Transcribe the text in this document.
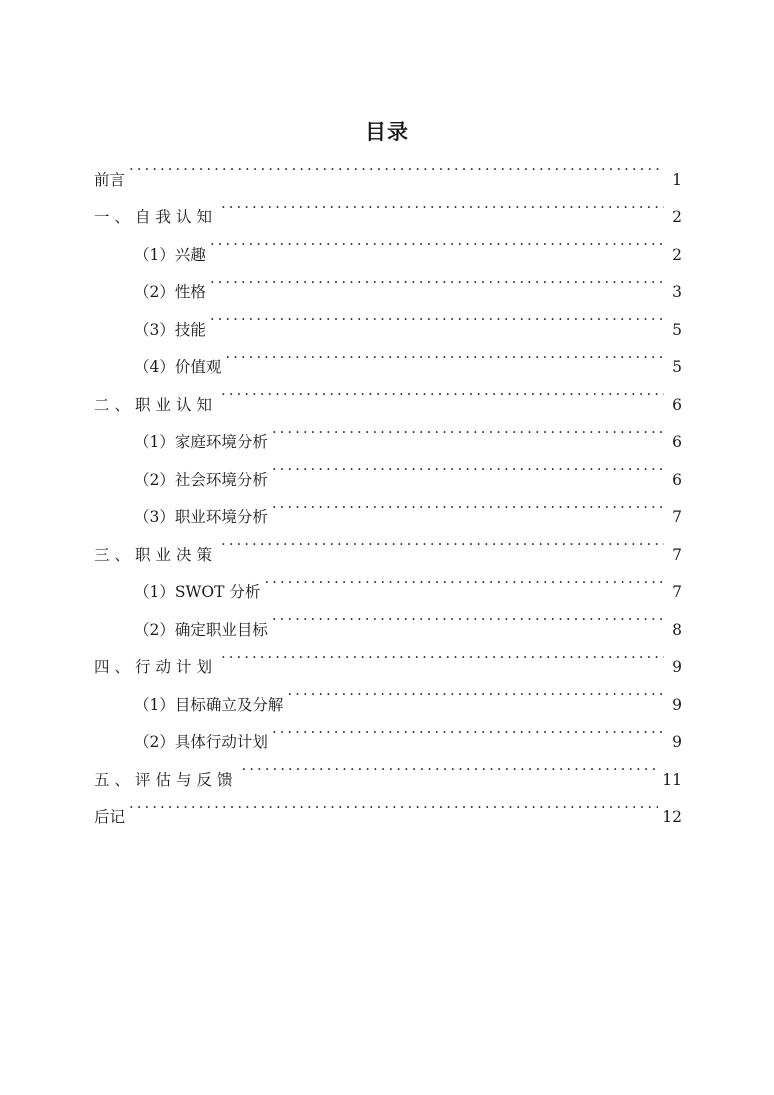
目录
前言 . . .	1
一、自我认知 . . .	2
（1）兴趣 . . .	2
（2）性格 . . .	3
（3）技能 . . .	5
（4）价值观 . . .	5
二、职业认知 . . .	6
（1）家庭环境分析 . . .	6
（2）社会环境分析 . . .	6
（3）职业环境分析 . . .	7
三、职业决策 . . .	7
（1）SWOT 分析 . . .	7
（2）确定职业目标 . . .	8
四、行动计划 . . .	9
（1）目标确立及分解 . . .	9
（2）具体行动计划 . . .	9
五、评估与反馈 . . .	11
后记 . . .	12
